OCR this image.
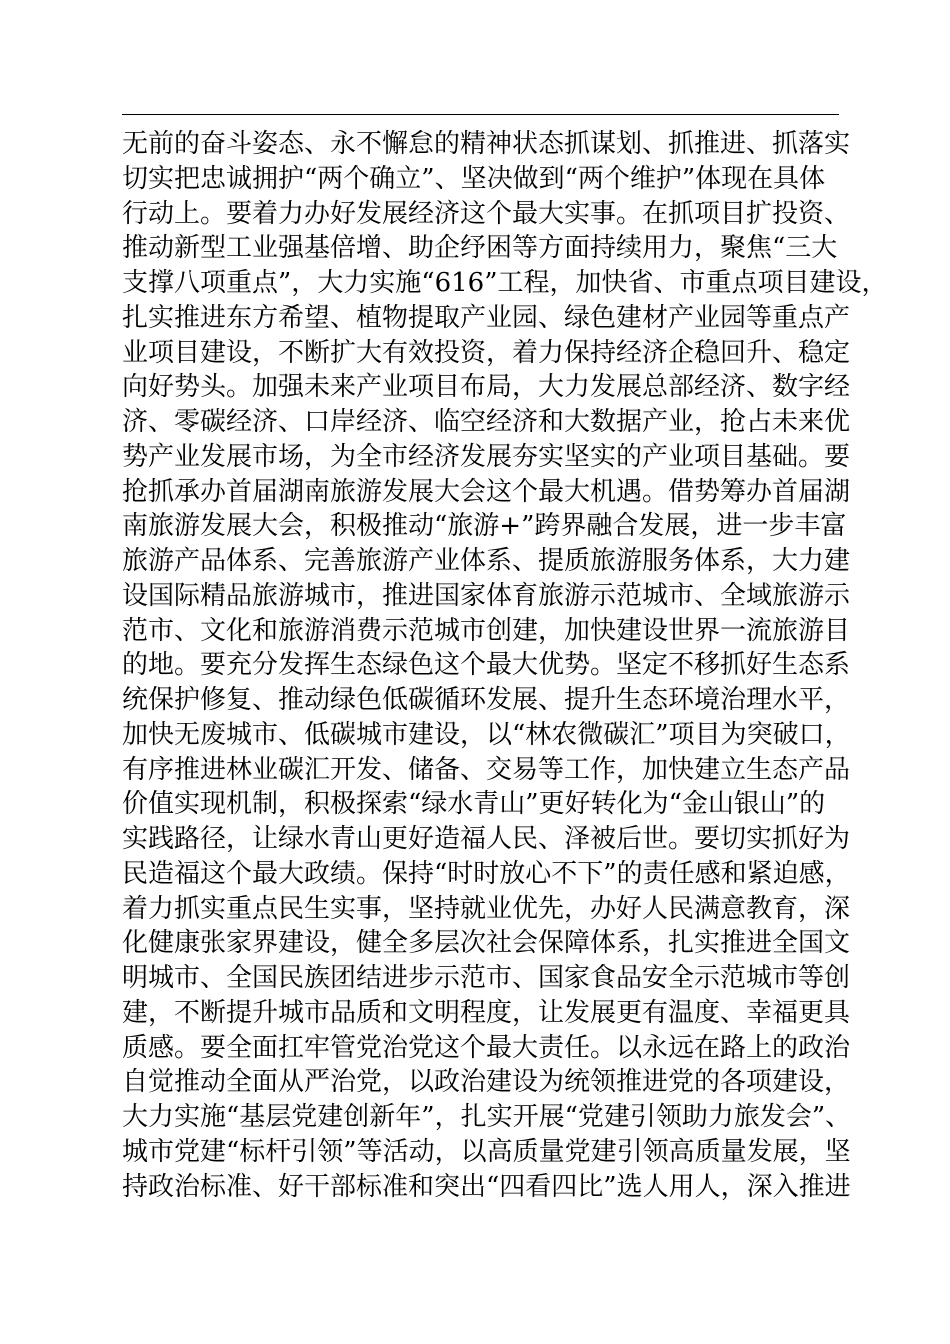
无前的奋斗姿态、永不懈怠的精神状态抓谋划、抓推进、抓落实
切实把忠诚拥护“两个确立”、坚决做到“两个维护”体现在具体
行动上。要着力办好发展经济这个最大实事。在抓项目扩投资、
推动新型工业强基倍增、助企纾困等方面持续用力，聚焦“三大
支撑八项重点”，大力实施“616”工程，加快省、市重点项目建设，
扎实推进东方希望、植物提取产业园、绿色建材产业园等重点产
业项目建设，不断扩大有效投资，着力保持经济企稳回升、稳定
向好势头。加强未来产业项目布局，大力发展总部经济、数字经
济、零碳经济、口岸经济、临空经济和大数据产业，抢占未来优
势产业发展市场，为全市经济发展夯实坚实的产业项目基础。要
抢抓承办首届湖南旅游发展大会这个最大机遇。借势筹办首届湖
南旅游发展大会，积极推动“旅游+”跨界融合发展，进一步丰富
旅游产品体系、完善旅游产业体系、提质旅游服务体系，大力建
设国际精品旅游城市，推进国家体育旅游示范城市、全域旅游示
范市、文化和旅游消费示范城市创建，加快建设世界一流旅游目
的地。要充分发挥生态绿色这个最大优势。坚定不移抓好生态系
统保护修复、推动绿色低碳循环发展、提升生态环境治理水平，
加快无废城市、低碳城市建设，以“林农微碳汇”项目为突破口，
有序推进林业碳汇开发、储备、交易等工作，加快建立生态产品
价值实现机制，积极探索“绿水青山”更好转化为“金山银山”的
实践路径，让绿水青山更好造福人民、泽被后世。要切实抓好为
民造福这个最大政绩。保持“时时放心不下”的责任感和紧迫感，
着力抓实重点民生实事，坚持就业优先，办好人民满意教育，深
化健康张家界建设，健全多层次社会保障体系，扎实推进全国文
明城市、全国民族团结进步示范市、国家食品安全示范城市等创
建，不断提升城市品质和文明程度，让发展更有温度、幸福更具
质感。要全面扛牢管党治党这个最大责任。以永远在路上的政治
自觉推动全面从严治党，以政治建设为统领推进党的各项建设，
大力实施“基层党建创新年”，扎实开展“党建引领助力旅发会”、
城市党建“标杆引领”等活动，以高质量党建引领高质量发展，坚
持政治标准、好干部标准和突出“四看四比”选人用人，深入推进
